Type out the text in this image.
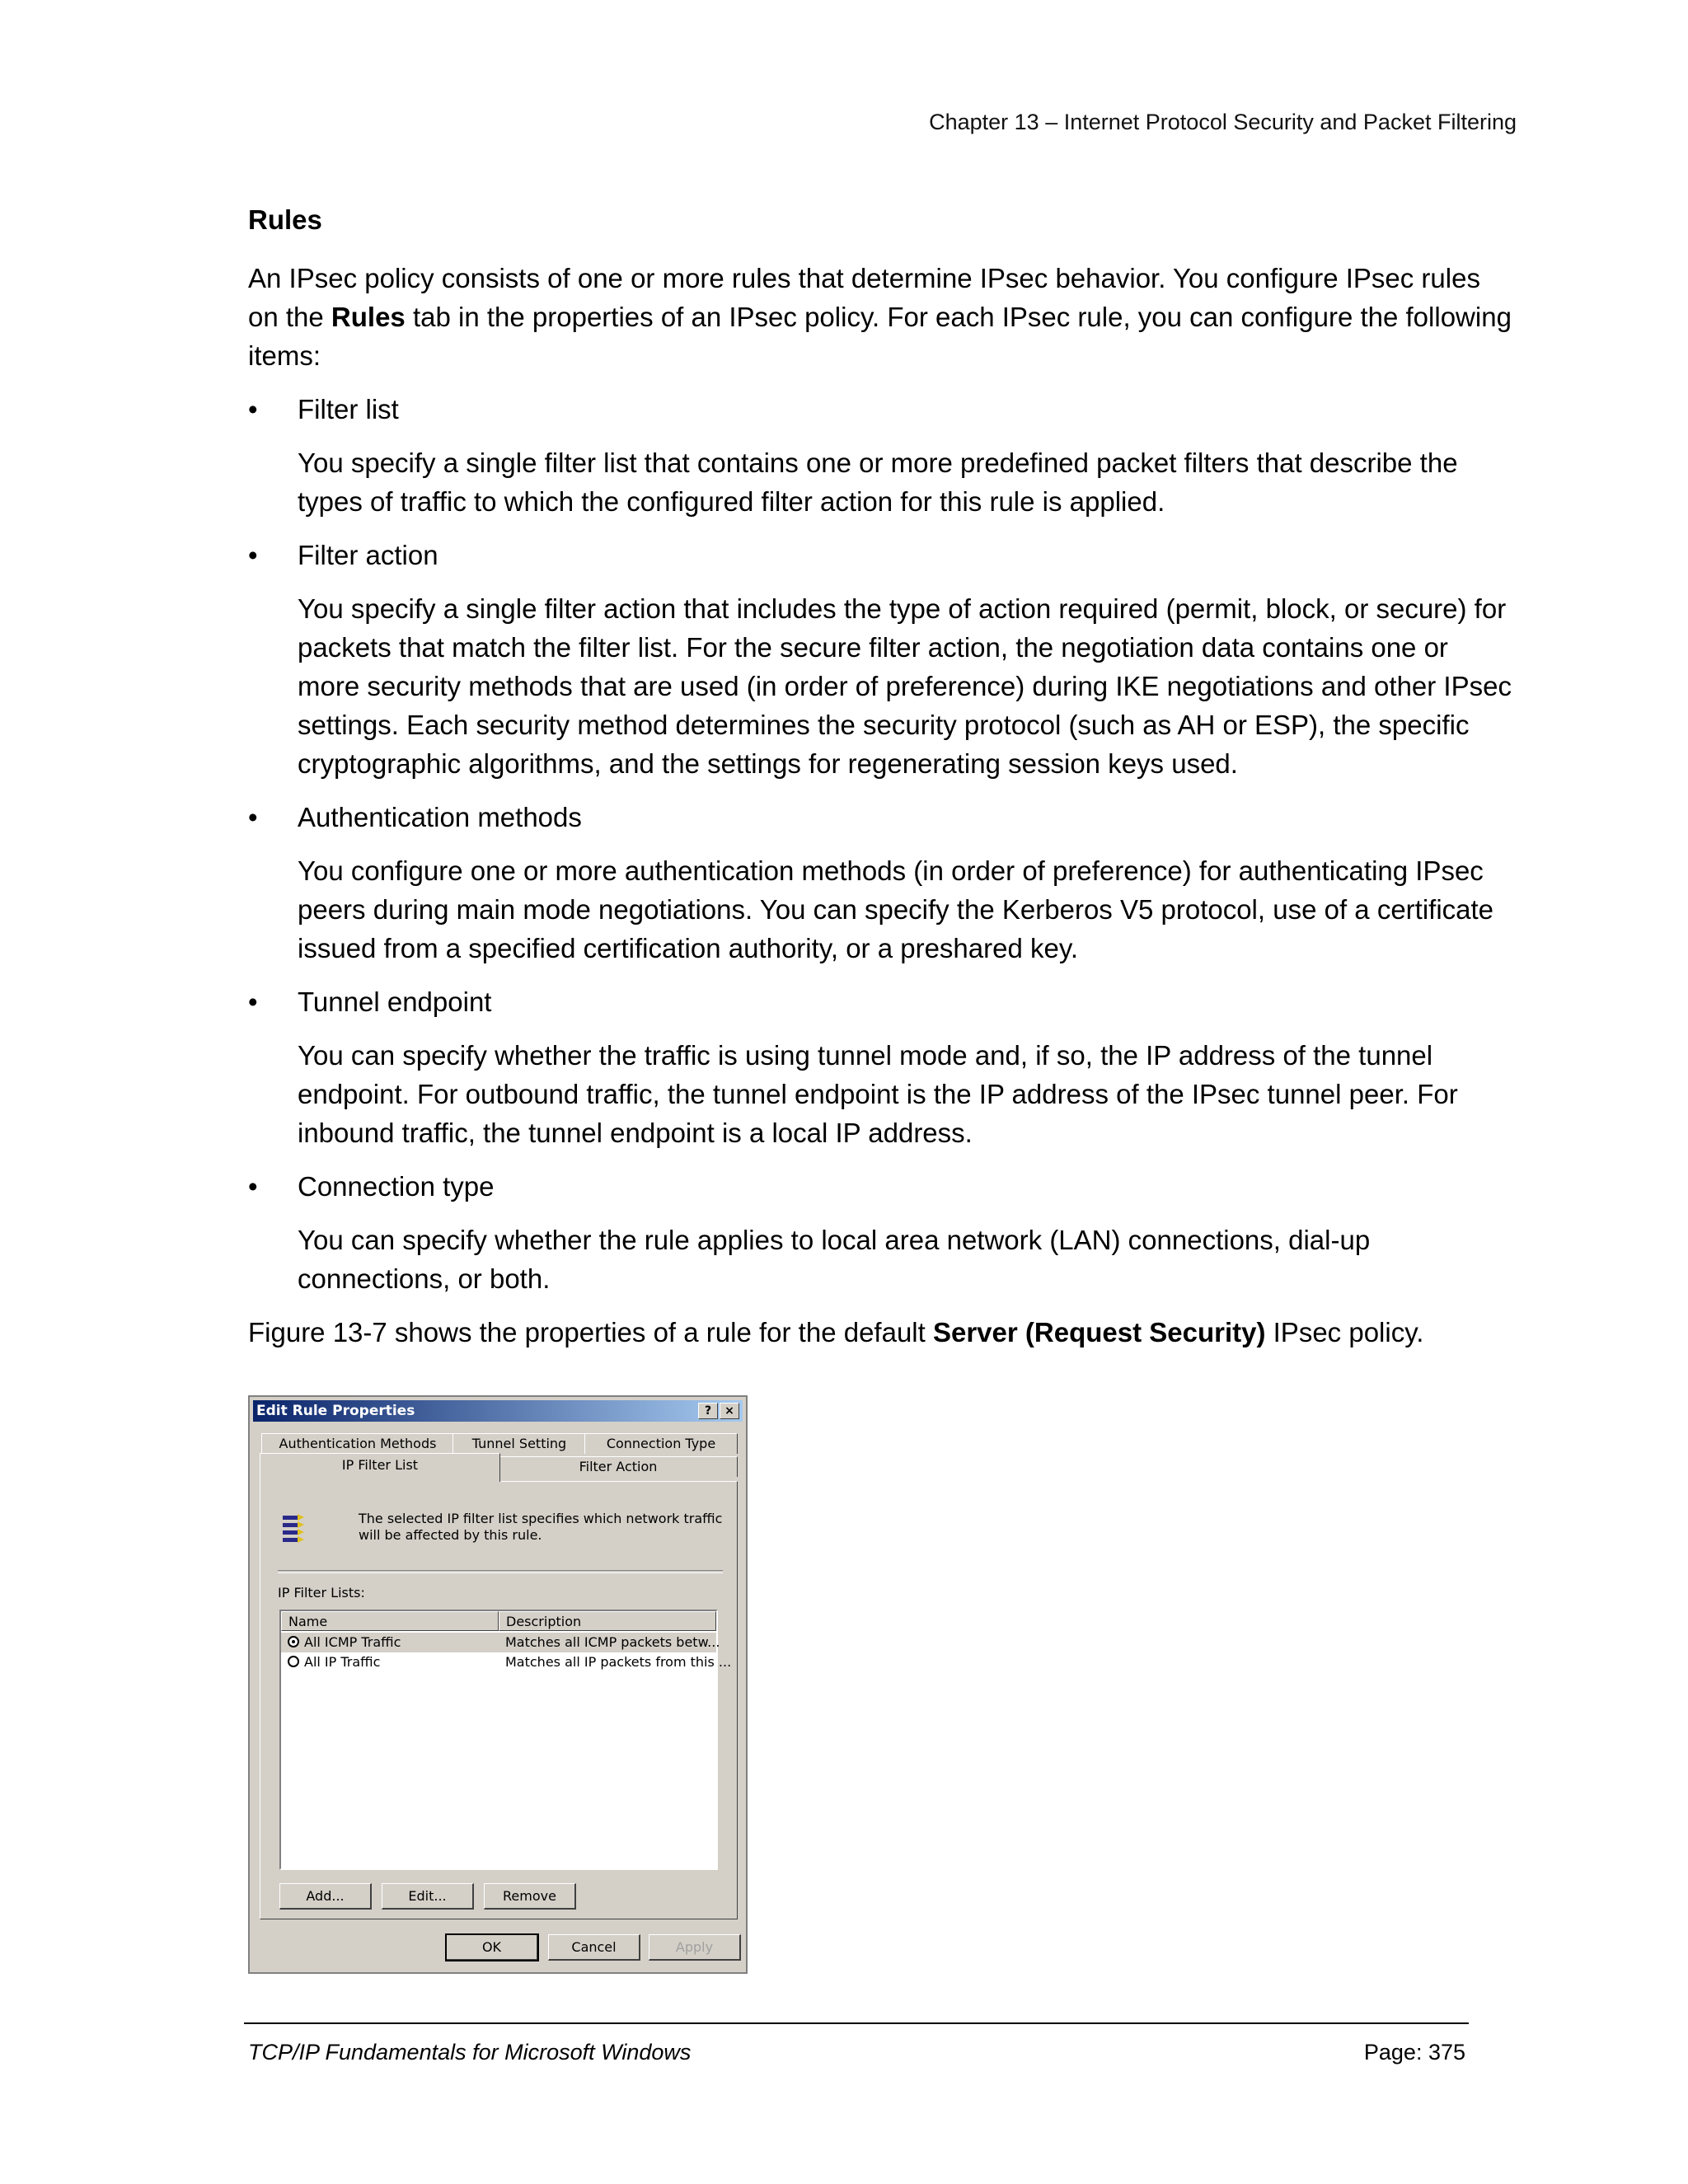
Chapter 13 – Internet Protocol Security and Packet Filtering
Rules

An IPsec policy consists of one or more rules that determine IPsec behavior. You configure IPsec rules on the Rules tab in the properties of an IPsec policy. For each IPsec rule, you can configure the following items:

• Filter list
You specify a single filter list that contains one or more predefined packet filters that describe the types of traffic to which the configured filter action for this rule is applied.
• Filter action
You specify a single filter action that includes the type of action required (permit, block, or secure) for packets that match the filter list. For the secure filter action, the negotiation data contains one or more security methods that are used (in order of preference) during IKE negotiations and other IPsec settings. Each security method determines the security protocol (such as AH or ESP), the specific cryptographic algorithms, and the settings for regenerating session keys used.
• Authentication methods
You configure one or more authentication methods (in order of preference) for authenticating IPsec peers during main mode negotiations. You can specify the Kerberos V5 protocol, use of a certificate issued from a specified certification authority, or a preshared key.
• Tunnel endpoint
You can specify whether the traffic is using tunnel mode and, if so, the IP address of the tunnel endpoint. For outbound traffic, the tunnel endpoint is the IP address of the IPsec tunnel peer. For inbound traffic, the tunnel endpoint is a local IP address.
• Connection type
You can specify whether the rule applies to local area network (LAN) connections, dial-up connections, or both.

Figure 13-7 shows the properties of a rule for the default Server (Request Security) IPsec policy.

Edit Rule Properties	?	×
Authentication Methods	Tunnel Setting	Connection Type
IP Filter List	Filter Action
The selected IP filter list specifies which network traffic will be affected by this rule.
IP Filter Lists:
Name	Description
All ICMP Traffic	Matches all ICMP packets betw...
All IP Traffic	Matches all IP packets from this ...
Add...	Edit...	Remove
OK	Cancel	Apply
TCP/IP Fundamentals for Microsoft Windows	Page: 375
